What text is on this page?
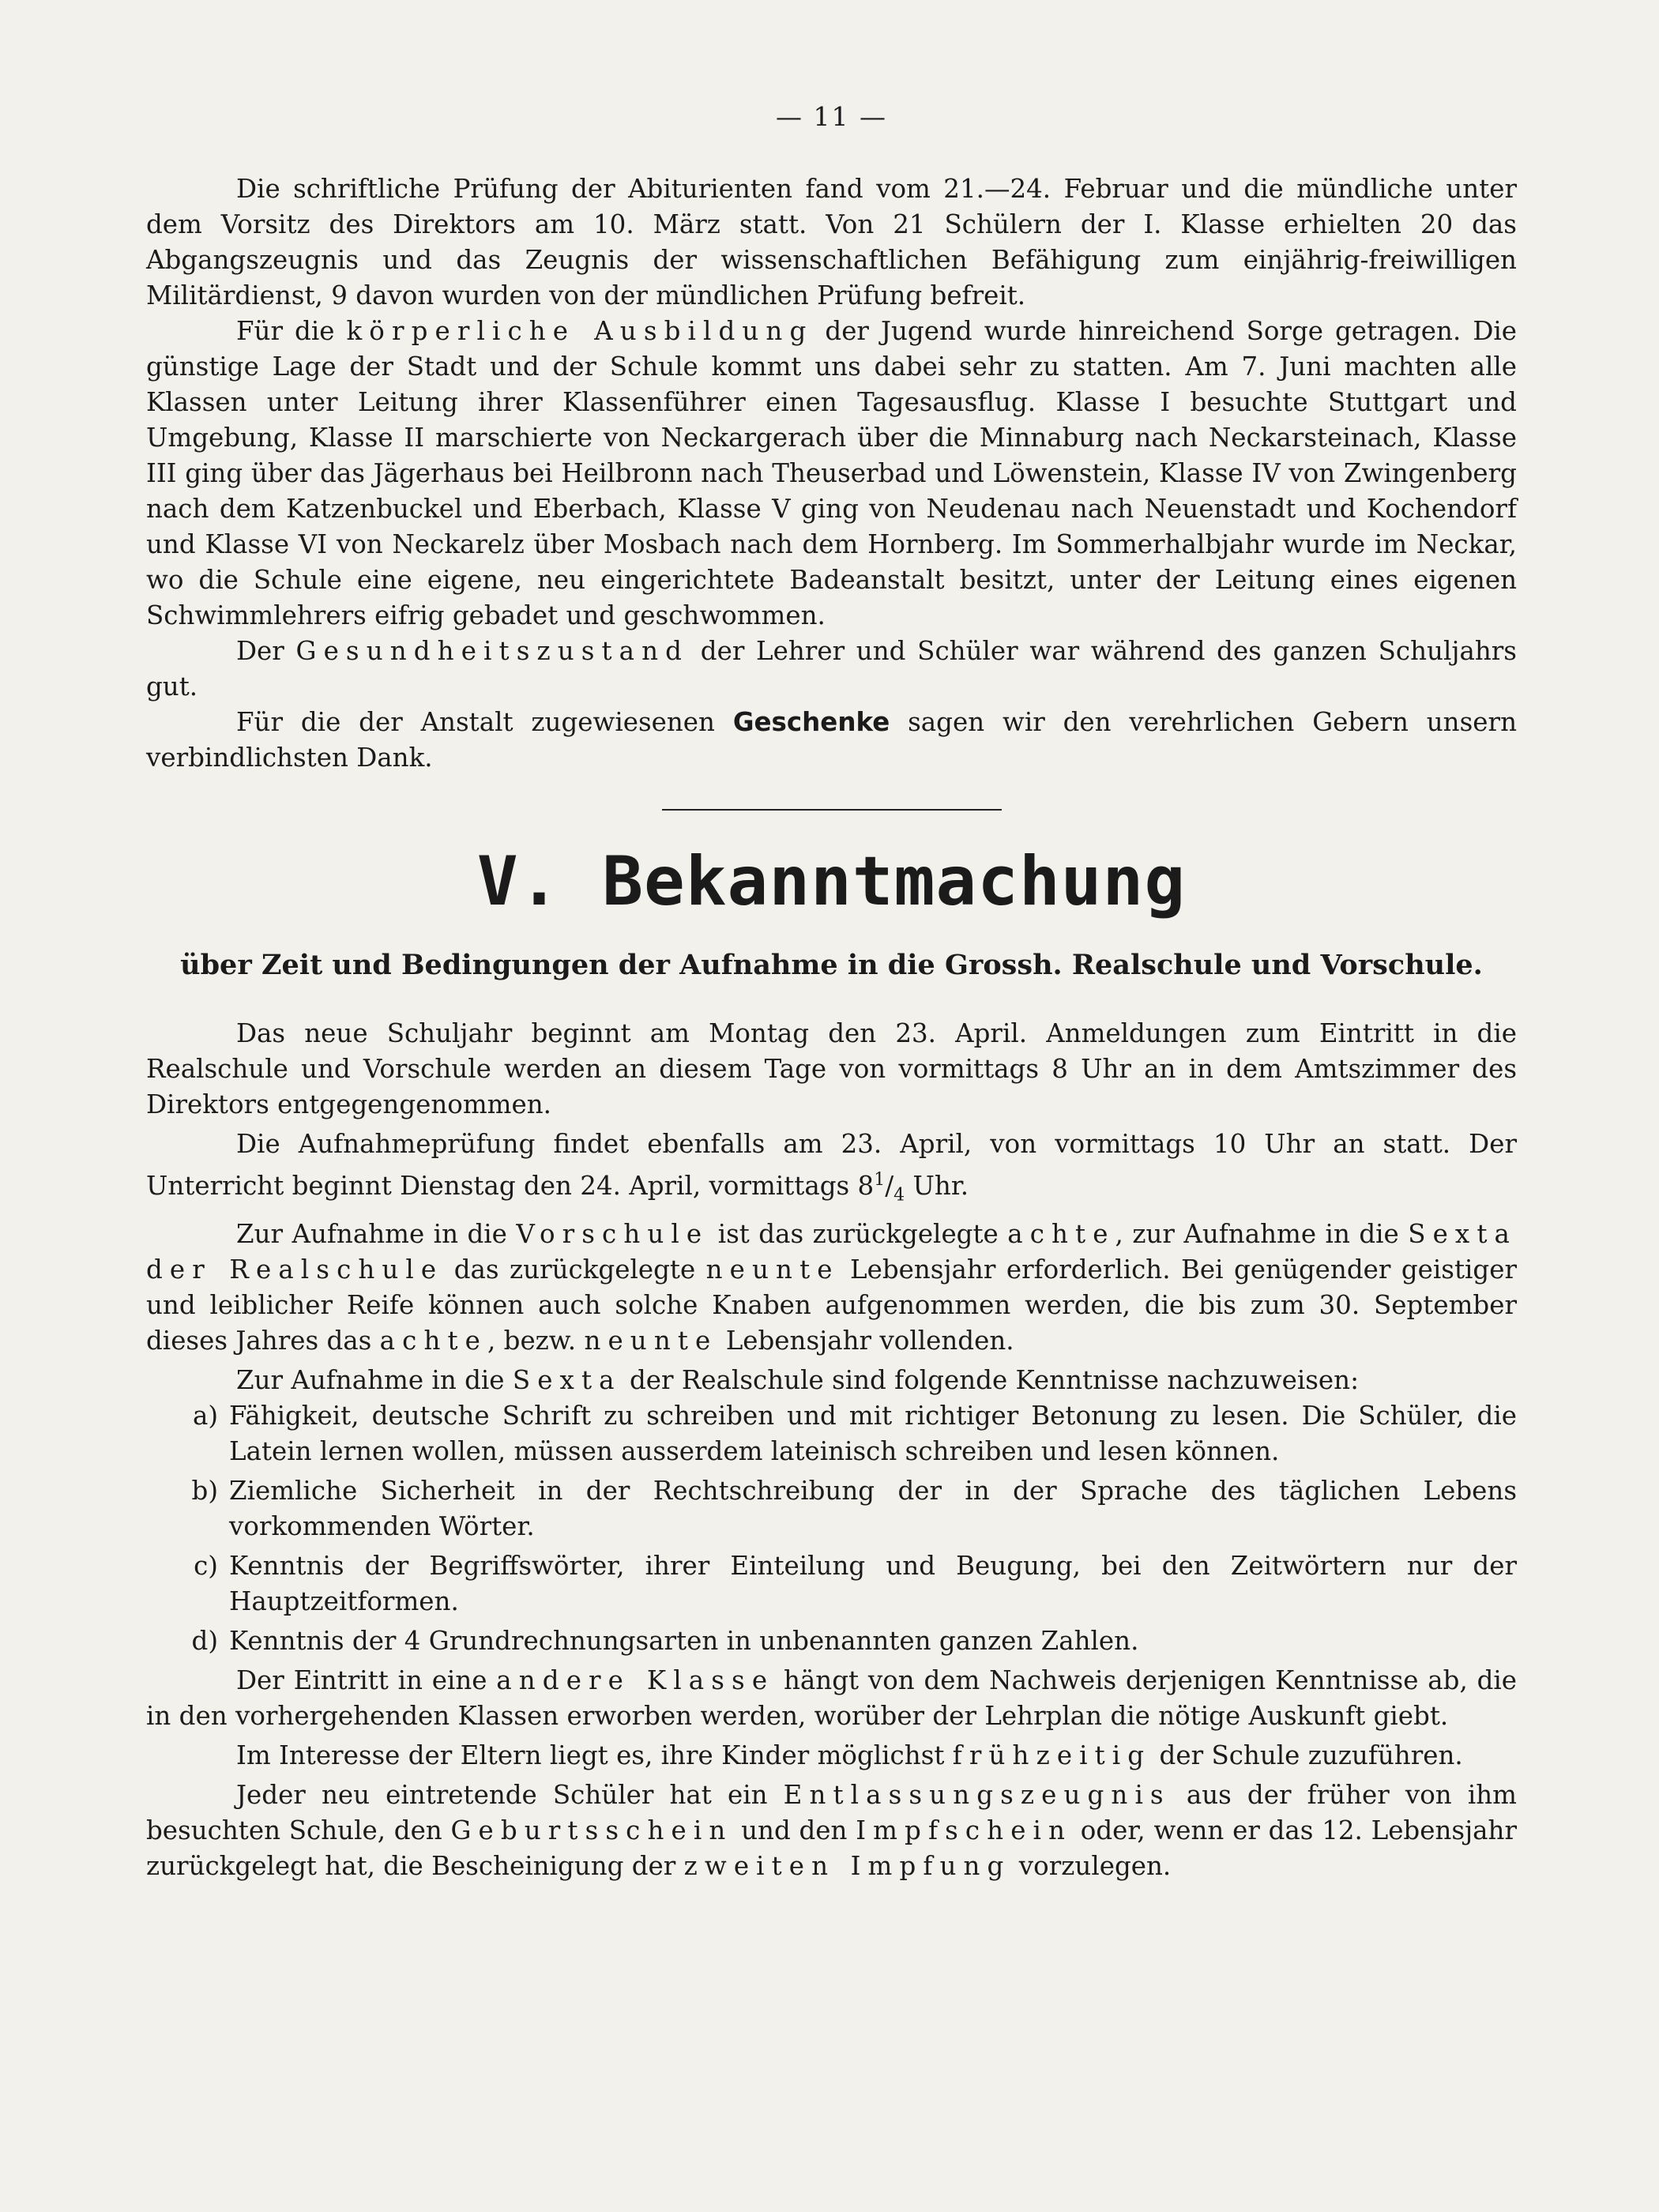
— 11 —

Die schriftliche Prüfung der Abiturienten fand vom 21.—24. Februar und die mündliche unter dem Vorsitz des Direktors am 10. März statt. Von 21 Schülern der I. Klasse erhielten 20 das Abgangszeugnis und das Zeugnis der wissenschaftlichen Befähigung zum einjährig-freiwilligen Militärdienst, 9 davon wurden von der mündlichen Prüfung befreit.

Für die körperliche Ausbildung der Jugend wurde hinreichend Sorge getragen. Die günstige Lage der Stadt und der Schule kommt uns dabei sehr zu statten. Am 7. Juni machten alle Klassen unter Leitung ihrer Klassenführer einen Tagesausflug. Klasse I besuchte Stuttgart und Umgebung, Klasse II marschierte von Neckargerach über die Minnaburg nach Neckarsteinach, Klasse III ging über das Jägerhaus bei Heilbronn nach Theuserbad und Löwenstein, Klasse IV von Zwingenberg nach dem Katzenbuckel und Eberbach, Klasse V ging von Neudenau nach Neuenstadt und Kochendorf und Klasse VI von Neckarelz über Mosbach nach dem Hornberg. Im Sommerhalbjahr wurde im Neckar, wo die Schule eine eigene, neu eingerichtete Badeanstalt besitzt, unter der Leitung eines eigenen Schwimmlehrers eifrig gebadet und geschwommen.

Der Gesundheitszustand der Lehrer und Schüler war während des ganzen Schuljahrs gut.

Für die der Anstalt zugewiesenen Geschenke sagen wir den verehrlichen Gebern unsern verbindlichsten Dank.

V. Bekanntmachung
über Zeit und Bedingungen der Aufnahme in die Grossh. Realschule und Vorschule.

Das neue Schuljahr beginnt am Montag den 23. April. Anmeldungen zum Eintritt in die Realschule und Vorschule werden an diesem Tage von vormittags 8 Uhr an in dem Amtszimmer des Direktors entgegengenommen.

Die Aufnahmeprüfung findet ebenfalls am 23. April, von vormittags 10 Uhr an statt. Der Unterricht beginnt Dienstag den 24. April, vormittags $8^1/_4$ Uhr.

Zur Aufnahme in die Vorschule ist das zurückgelegte achte, zur Aufnahme in die Sexta der Realschule das zurückgelegte neunte Lebensjahr erforderlich. Bei genügender geistiger und leiblicher Reife können auch solche Knaben aufgenommen werden, die bis zum 30. September dieses Jahres das achte, bezw. neunte Lebensjahr vollenden.

Zur Aufnahme in die Sexta der Realschule sind folgende Kenntnisse nachzuweisen:

a) Fähigkeit, deutsche Schrift zu schreiben und mit richtiger Betonung zu lesen. Die Schüler, die Latein lernen wollen, müssen ausserdem lateinisch schreiben und lesen können.
b) Ziemliche Sicherheit in der Rechtschreibung der in der Sprache des täglichen Lebens vorkommenden Wörter.
c) Kenntnis der Begriffswörter, ihrer Einteilung und Beugung, bei den Zeitwörtern nur der Hauptzeitformen.
d) Kenntnis der 4 Grundrechnungsarten in unbenannten ganzen Zahlen.

Der Eintritt in eine andere Klasse hängt von dem Nachweis derjenigen Kenntnisse ab, die in den vorhergehenden Klassen erworben werden, worüber der Lehrplan die nötige Auskunft giebt.

Im Interesse der Eltern liegt es, ihre Kinder möglichst frühzeitig der Schule zuzuführen.

Jeder neu eintretende Schüler hat ein Entlassungszeugnis aus der früher von ihm besuchten Schule, den Geburtsschein und den Impfschein oder, wenn er das 12. Lebensjahr zurückgelegt hat, die Bescheinigung der zweiten Impfung vorzulegen.
